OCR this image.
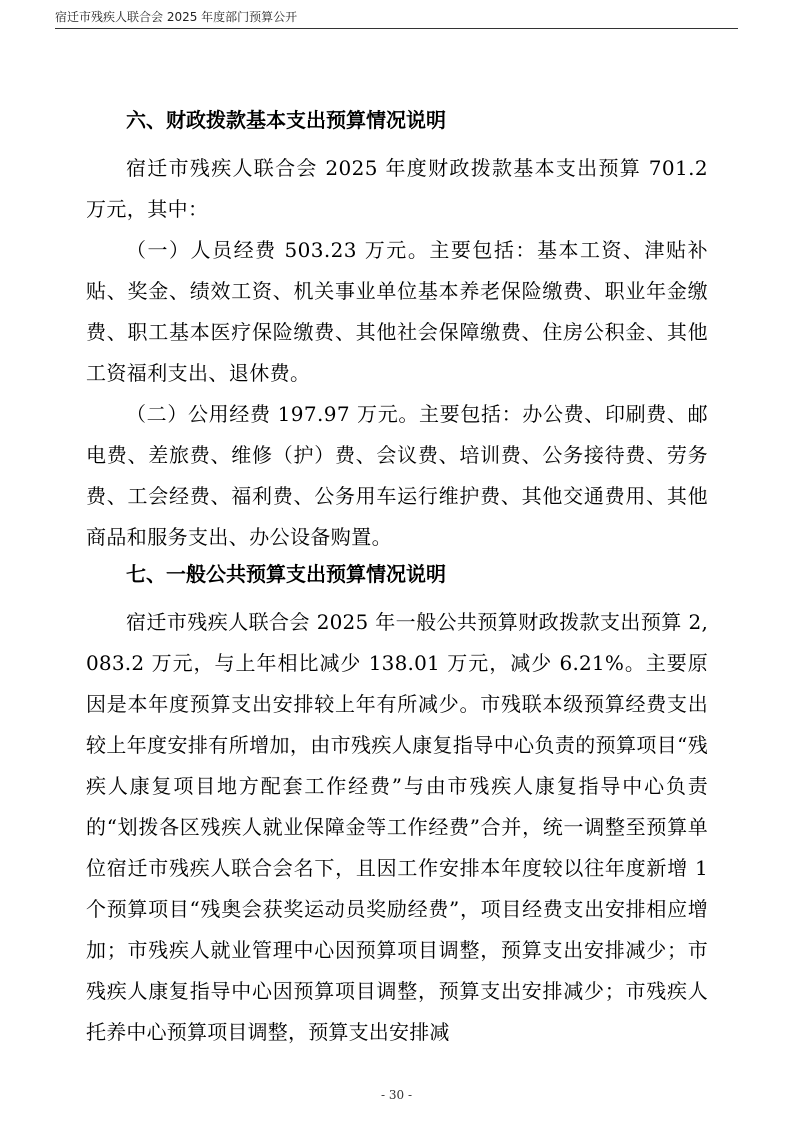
宿迁市残疾人联合会 2025 年度部门预算公开
六、财政拨款基本支出预算情况说明

宿迁市残疾人联合会 2025 年度财政拨款基本支出预算 701.2 万元，其中：

（一）人员经费 503.23 万元。主要包括：基本工资、津贴补贴、奖金、绩效工资、机关事业单位基本养老保险缴费、职业年金缴费、职工基本医疗保险缴费、其他社会保障缴费、住房公积金、其他工资福利支出、退休费。

（二）公用经费 197.97 万元。主要包括：办公费、印刷费、邮电费、差旅费、维修（护）费、会议费、培训费、公务接待费、劳务费、工会经费、福利费、公务用车运行维护费、其他交通费用、其他商品和服务支出、办公设备购置。

七、一般公共预算支出预算情况说明

宿迁市残疾人联合会 2025 年一般公共预算财政拨款支出预算 2,083.2 万元，与上年相比减少 138.01 万元，减少 6.21%。主要原因是本年度预算支出安排较上年有所减少。市残联本级预算经费支出较上年度安排有所增加，由市残疾人康复指导中心负责的预算项目“残疾人康复项目地方配套工作经费”与由市残疾人康复指导中心负责的“划拨各区残疾人就业保障金等工作经费”合并，统一调整至预算单位宿迁市残疾人联合会名下，且因工作安排本年度较以往年度新增 1 个预算项目“残奥会获奖运动员奖励经费”，项目经费支出安排相应增加；市残疾人就业管理中心因预算项目调整，预算支出安排减少；市残疾人康复指导中心因预算项目调整，预算支出安排减少；市残疾人托养中心预算项目调整，预算支出安排减

- 30 -
